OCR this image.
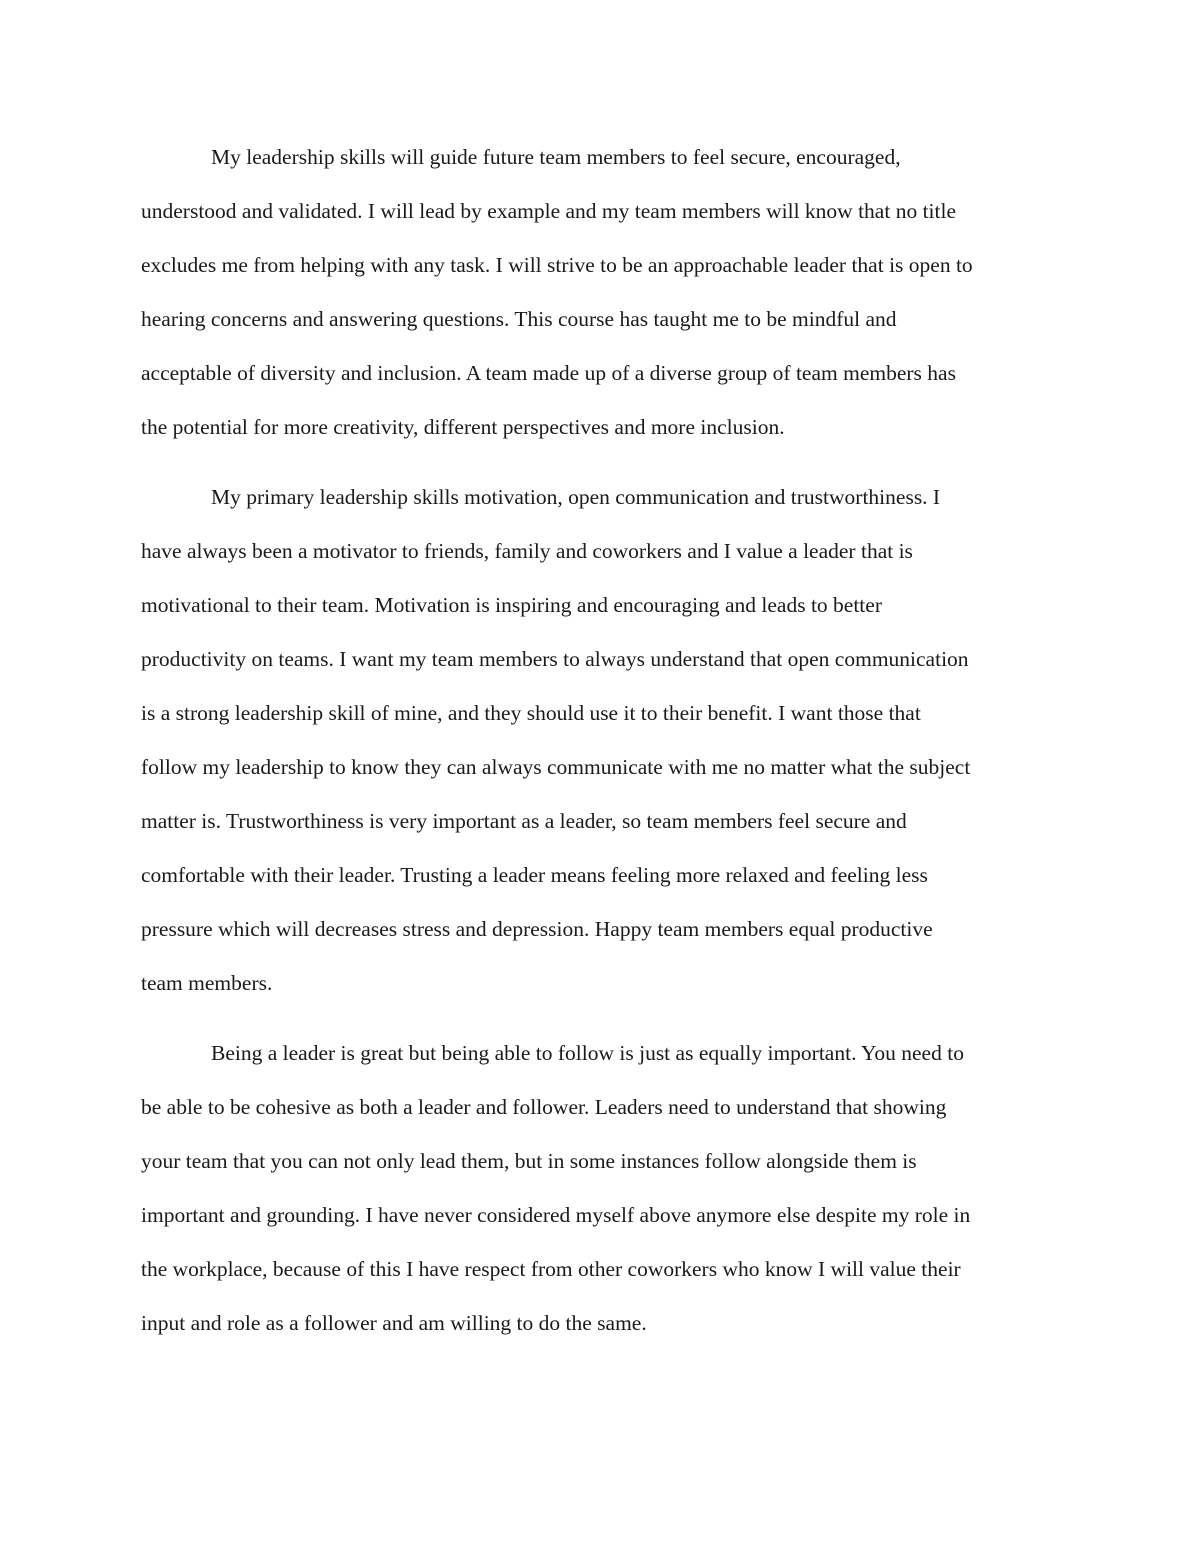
My leadership skills will guide future team members to feel secure, encouraged,
understood and validated. I will lead by example and my team members will know that no title
excludes me from helping with any task. I will strive to be an approachable leader that is open to
hearing concerns and answering questions. This course has taught me to be mindful and
acceptable of diversity and inclusion. A team made up of a diverse group of team members has
the potential for more creativity, different perspectives and more inclusion.
My primary leadership skills motivation, open communication and trustworthiness. I
have always been a motivator to friends, family and coworkers and I value a leader that is
motivational to their team. Motivation is inspiring and encouraging and leads to better
productivity on teams. I want my team members to always understand that open communication
is a strong leadership skill of mine, and they should use it to their benefit. I want those that
follow my leadership to know they can always communicate with me no matter what the subject
matter is. Trustworthiness is very important as a leader, so team members feel secure and
comfortable with their leader. Trusting a leader means feeling more relaxed and feeling less
pressure which will decreases stress and depression. Happy team members equal productive
team members.
Being a leader is great but being able to follow is just as equally important. You need to
be able to be cohesive as both a leader and follower. Leaders need to understand that showing
your team that you can not only lead them, but in some instances follow alongside them is
important and grounding. I have never considered myself above anymore else despite my role in
the workplace, because of this I have respect from other coworkers who know I will value their
input and role as a follower and am willing to do the same.
